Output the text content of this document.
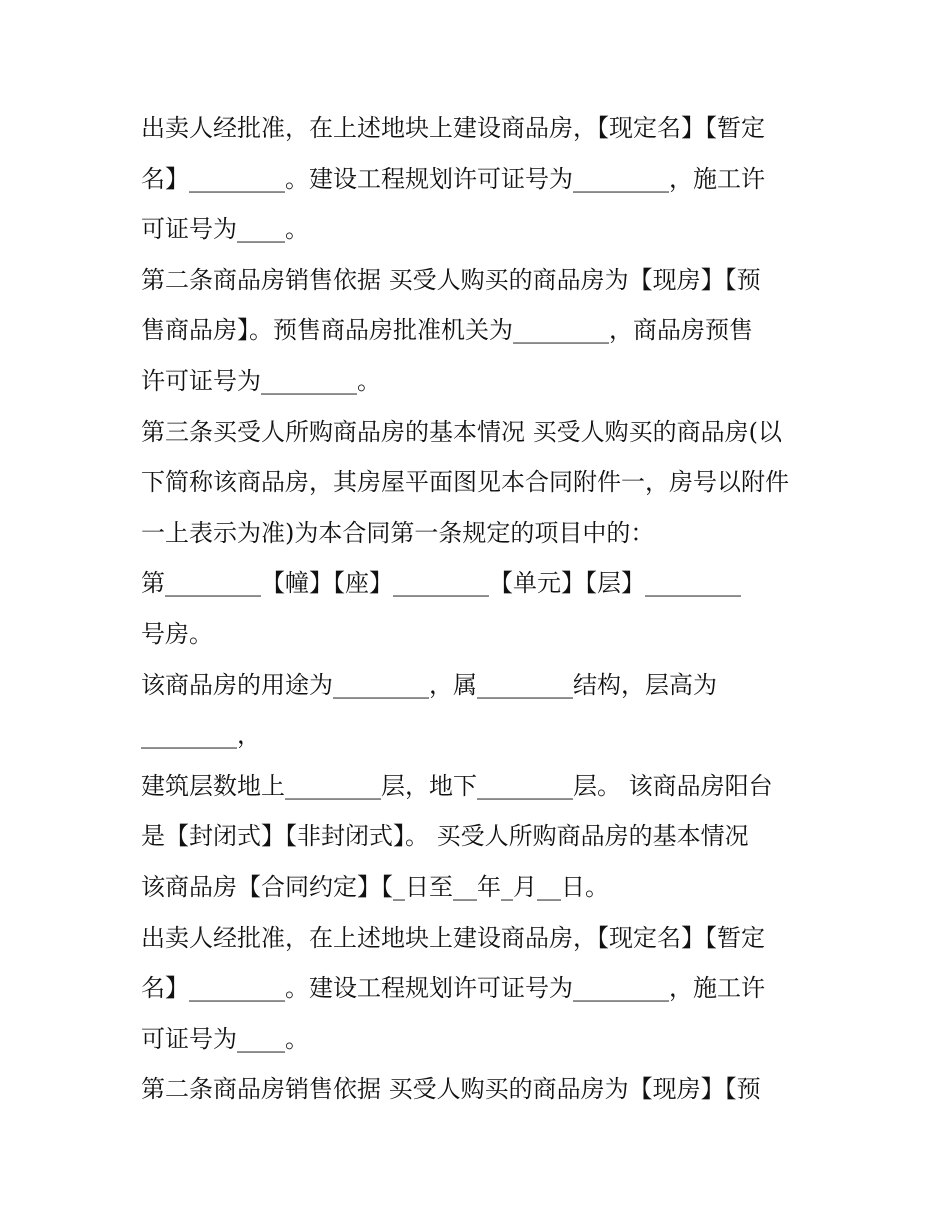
出卖人经批准，在上述地块上建设商品房，【现定名】【暂定
名】________。建设工程规划许可证号为________，施工许
可证号为____。
第二条商品房销售依据 买受人购买的商品房为【现房】【预
售商品房】。预售商品房批准机关为________，商品房预售
许可证号为________。
第三条买受人所购商品房的基本情况 买受人购买的商品房(以
下简称该商品房，其房屋平面图见本合同附件一，房号以附件
一上表示为准)为本合同第一条规定的项目中的：
第________【幢】【座】________【单元】【层】________
号房。
该商品房的用途为________，属________结构，层高为
________，
建筑层数地上________层，地下________层。 该商品房阳台
是【封闭式】【非封闭式】。 买受人所购商品房的基本情况
该商品房【合同约定】【_日至__年_月__日。
出卖人经批准，在上述地块上建设商品房，【现定名】【暂定
名】________。建设工程规划许可证号为________，施工许
可证号为____。
第二条商品房销售依据 买受人购买的商品房为【现房】【预
